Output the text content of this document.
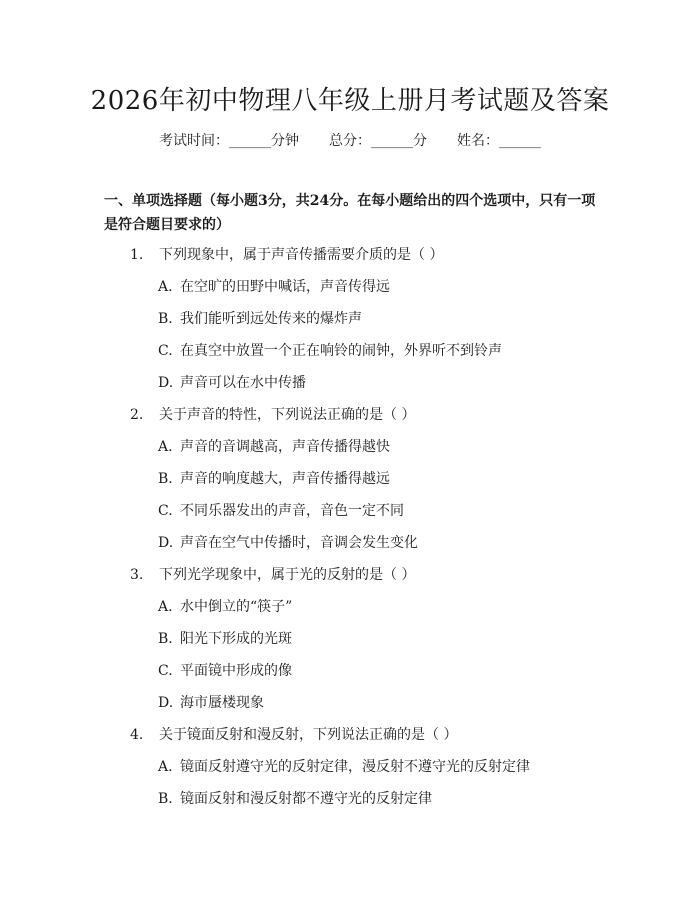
2026年初中物理八年级上册月考试题及答案
考试时间：______分钟 总分：______分 姓名：______
一、单项选择题（每小题3分，共24分。在每小题给出的四个选项中，只有一项是符合题目要求的）
1. 下列现象中，属于声音传播需要介质的是（ ）
A. 在空旷的田野中喊话，声音传得远
B. 我们能听到远处传来的爆炸声
C. 在真空中放置一个正在响铃的闹钟，外界听不到铃声
D. 声音可以在水中传播
2. 关于声音的特性，下列说法正确的是（ ）
A. 声音的音调越高，声音传播得越快
B. 声音的响度越大，声音传播得越远
C. 不同乐器发出的声音，音色一定不同
D. 声音在空气中传播时，音调会发生变化
3. 下列光学现象中，属于光的反射的是（ ）
A. 水中倒立的“筷子”
B. 阳光下形成的光斑
C. 平面镜中形成的像
D. 海市蜃楼现象
4. 关于镜面反射和漫反射，下列说法正确的是（ ）
A. 镜面反射遵守光的反射定律，漫反射不遵守光的反射定律
B. 镜面反射和漫反射都不遵守光的反射定律
